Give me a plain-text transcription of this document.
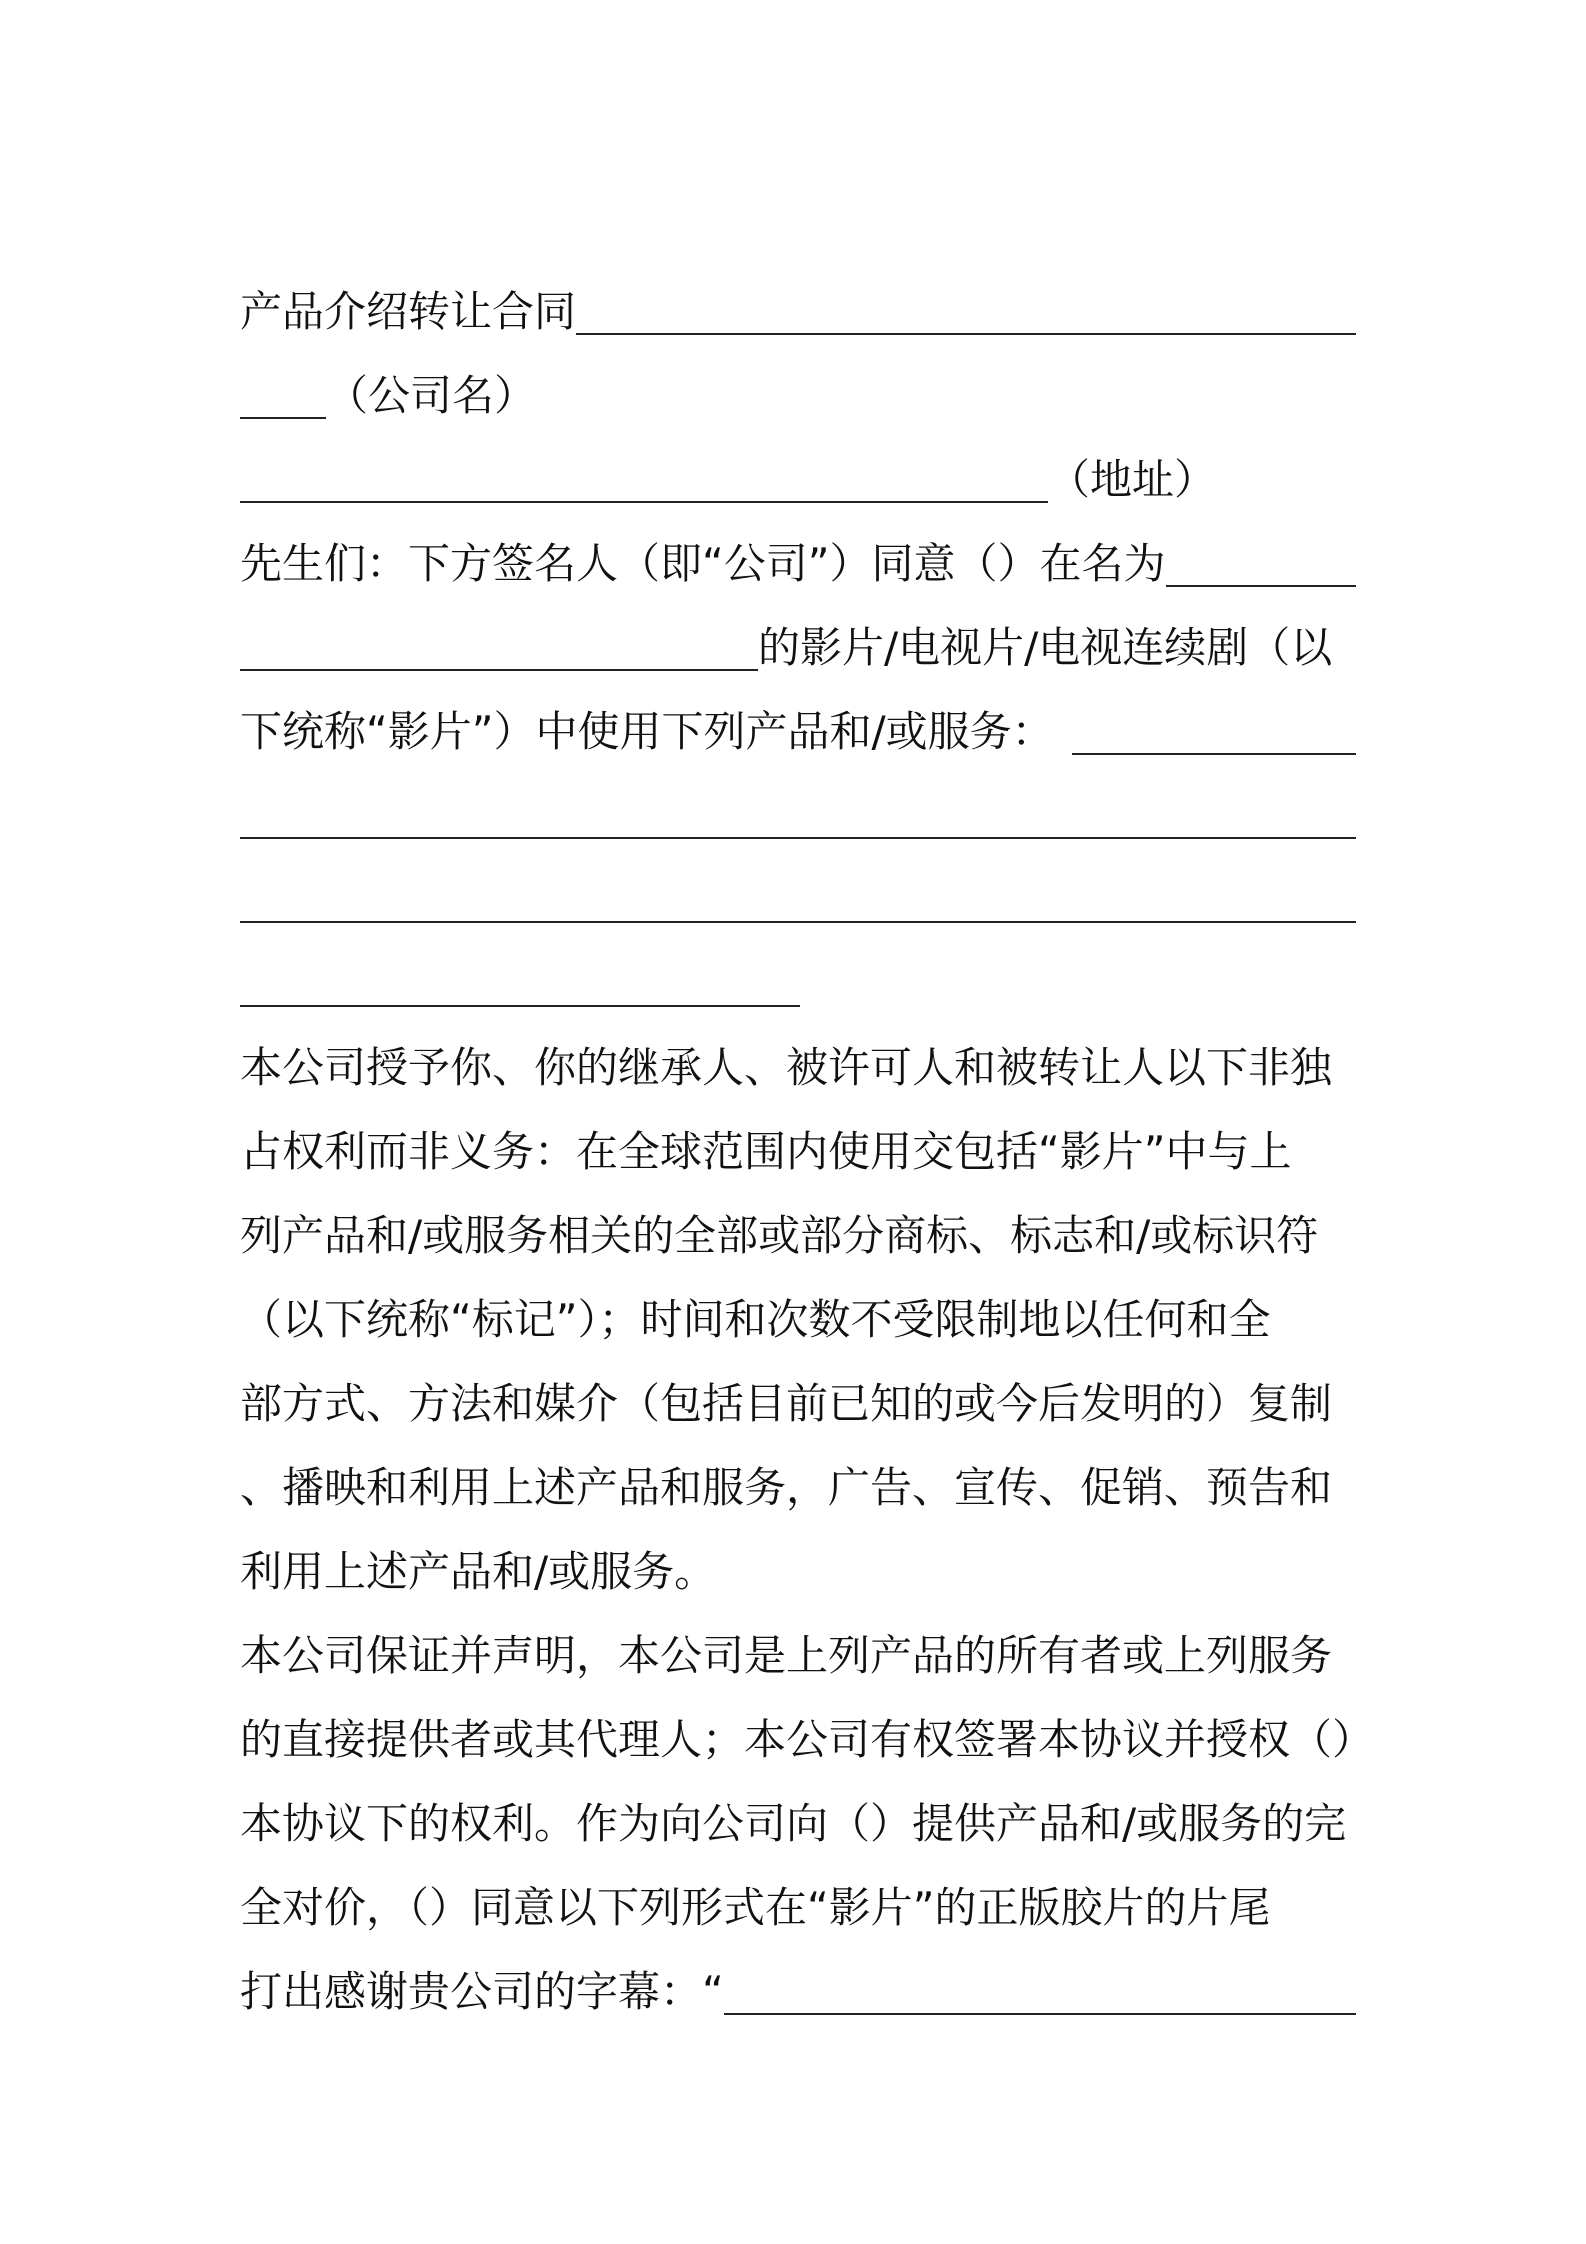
产品介绍转让合同
（公司名）
（地址）
先生们：下方签名人（即“公司”）同意（）在名为
的影片/电视片/电视连续剧（以
下统称“影片”）中使用下列产品和/或服务：
本公司授予你、你的继承人、被许可人和被转让人以下非独
占权利而非义务：在全球范围内使用交包括“影片”中与上
列产品和/或服务相关的全部或部分商标、标志和/或标识符
（以下统称“标记”）；时间和次数不受限制地以任何和全
部方式、方法和媒介（包括目前已知的或今后发明的）复制
、播映和利用上述产品和服务，广告、宣传、促销、预告和
利用上述产品和/或服务。
本公司保证并声明，本公司是上列产品的所有者或上列服务
的直接提供者或其代理人；本公司有权签署本协议并授权（）
本协议下的权利。作为向公司向（）提供产品和/或服务的完
全对价，（）同意以下列形式在“影片”的正版胶片的片尾
打出感谢贵公司的字幕：“
